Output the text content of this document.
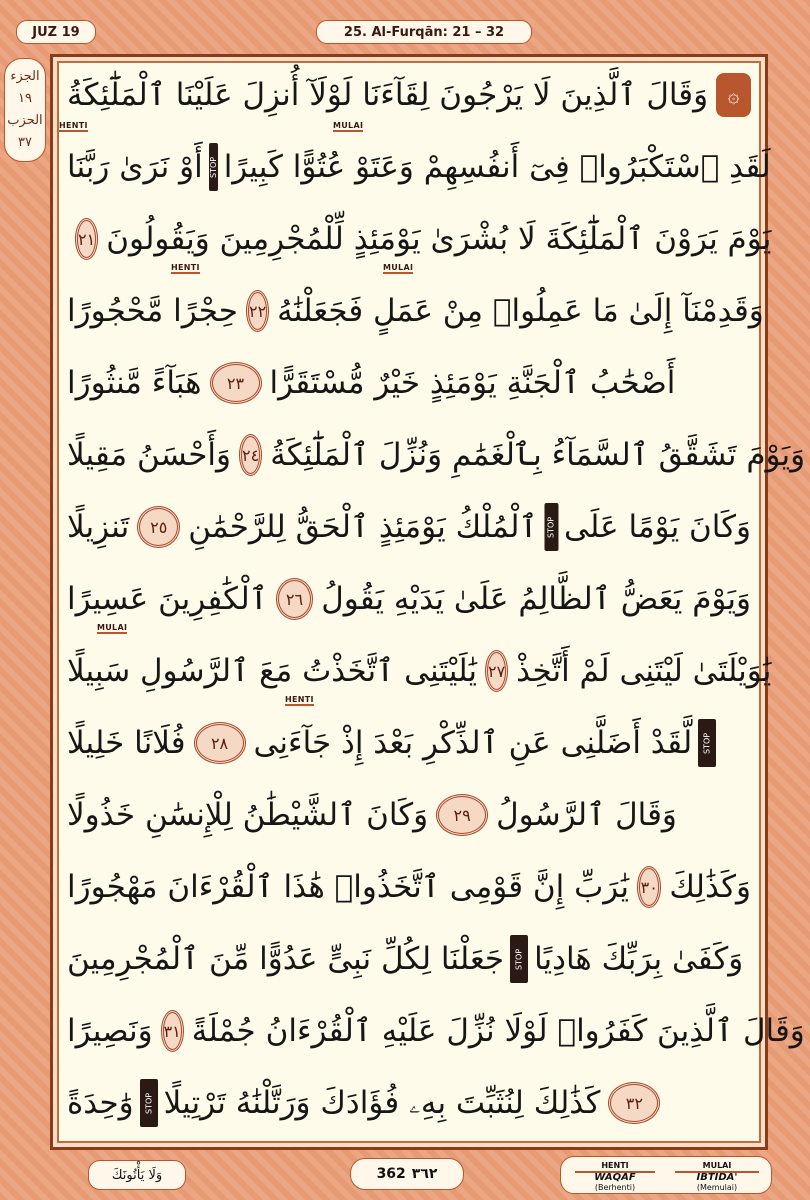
JUZ 19	25. Al-Furqān: 21 – 32
الجزء
١٩
الحزب
٣٧
۞
وَقَالَ ٱلَّذِينَ لَا يَرْجُونَ لِقَآءَنَا لَوْلَآ أُنزِلَ عَلَيْنَا ٱلْمَلَٰٓئِكَةُ
HENTI	MULAI
لَقَدِ ٱسْتَكْبَرُوا۟ فِىٓ أَنفُسِهِمْ وَعَتَوْ عُتُوًّا كَبِيرًا
STOP
أَوْ نَرَىٰ رَبَّنَا
يَوْمَ يَرَوْنَ ٱلْمَلَٰٓئِكَةَ لَا بُشْرَىٰ يَوْمَئِذٍ لِّلْمُجْرِمِينَ وَيَقُولُونَ
٢١
HENTI	MULAI
وَقَدِمْنَآ إِلَىٰ مَا عَمِلُوا۟ مِنْ عَمَلٍ فَجَعَلْنَٰهُ
٢٢
حِجْرًا مَّحْجُورًا
أَصْحَٰبُ ٱلْجَنَّةِ يَوْمَئِذٍ خَيْرٌ مُّسْتَقَرًّا
٢٣
هَبَآءً مَّنثُورًا
وَيَوْمَ تَشَقَّقُ ٱلسَّمَآءُ بِٱلْغَمَٰمِ وَنُزِّلَ ٱلْمَلَٰٓئِكَةُ
٢٤
وَأَحْسَنُ مَقِيلًا
وَكَانَ يَوْمًا عَلَى
STOP
ٱلْمُلْكُ يَوْمَئِذٍ ٱلْحَقُّ لِلرَّحْمَٰنِ
٢٥
تَنزِيلًا
وَيَوْمَ يَعَضُّ ٱلظَّالِمُ عَلَىٰ يَدَيْهِ يَقُولُ
٢٦
ٱلْكَٰفِرِينَ عَسِيرًا
MULAI
يَٰوَيْلَتَىٰ لَيْتَنِى لَمْ أَتَّخِذْ
٢٧
يَٰلَيْتَنِى ٱتَّخَذْتُ مَعَ ٱلرَّسُولِ سَبِيلًا
HENTI
STOP
لَّقَدْ أَضَلَّنِى عَنِ ٱلذِّكْرِ بَعْدَ إِذْ جَآءَنِى
٢٨
فُلَانًا خَلِيلًا
وَقَالَ ٱلرَّسُولُ
٢٩
وَكَانَ ٱلشَّيْطَٰنُ لِلْإِنسَٰنِ خَذُولًا
وَكَذَٰلِكَ
٣٠
يَٰرَبِّ إِنَّ قَوْمِى ٱتَّخَذُوا۟ هَٰذَا ٱلْقُرْءَانَ مَهْجُورًا
وَكَفَىٰ بِرَبِّكَ هَادِيًا
STOP
جَعَلْنَا لِكُلِّ نَبِىٍّ عَدُوًّا مِّنَ ٱلْمُجْرِمِينَ
وَقَالَ ٱلَّذِينَ كَفَرُوا۟ لَوْلَا نُزِّلَ عَلَيْهِ ٱلْقُرْءَانُ جُمْلَةً
٣١
وَنَصِيرًا
٣٢
كَذَٰلِكَ لِنُثَبِّتَ بِهِۦ فُؤَادَكَ وَرَتَّلْنَٰهُ تَرْتِيلًا
STOP
وَٰحِدَةً
وَلَا يَأْتُونَكَ	362 ٣٦٢
HENTI
WAQAF
(Berhenti)
MULAI
IBTIDA'
(Memulai)
